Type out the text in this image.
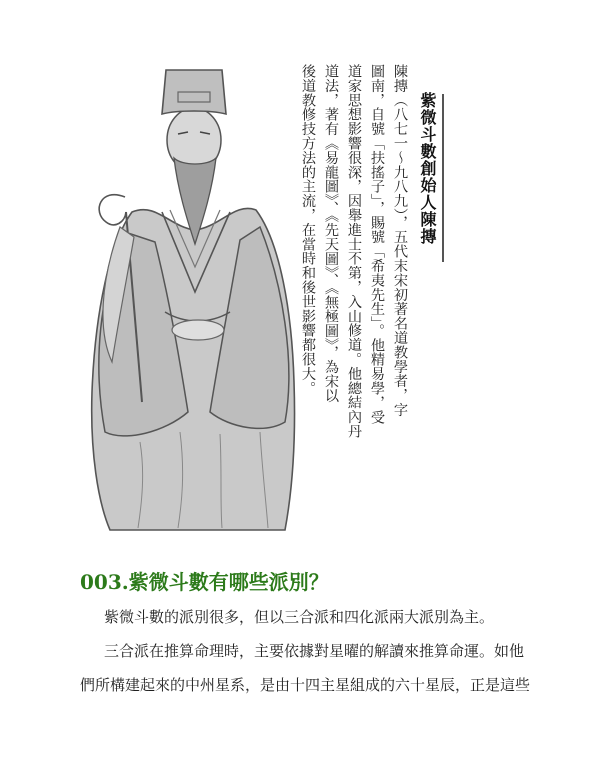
紫微斗數創始人陳摶
陳摶（八七一～九八九），五代末宋初著名道教學者，字
圖南，自號「扶搖子」，賜號「希夷先生」。他精易學，受
道家思想影響很深，因舉進士不第，入山修道。他總結內丹
道法，著有《易龍圖》、《先天圖》、《無極圖》，為宋以
後道教修技方法的主流，在當時和後世影響都很大。
003.紫微斗數有哪些派別？
紫微斗數的派別很多，但以三合派和四化派兩大派別為主。
三合派在推算命理時，主要依據對星曜的解讀來推算命運。如他
們所構建起來的中州星系，是由十四主星組成的六十星辰，正是這些
